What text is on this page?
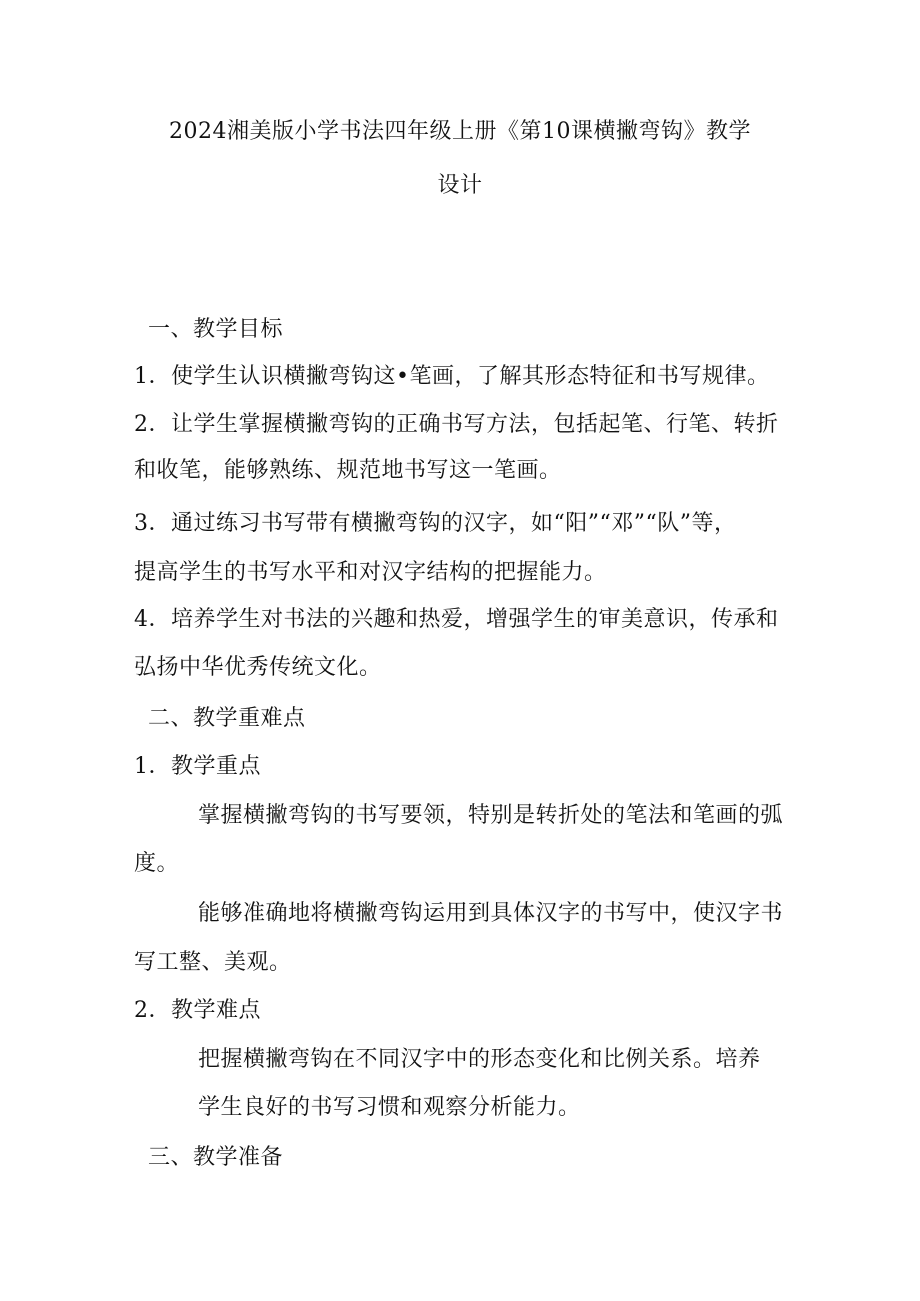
2024湘美版小学书法四年级上册《第10课横撇弯钩》教学
设计
一、教学目标
1．使学生认识横撇弯钩这•笔画，了解其形态特征和书写规律。
2．让学生掌握横撇弯钩的正确书写方法，包括起笔、行笔、转折
和收笔，能够熟练、规范地书写这一笔画。
3．通过练习书写带有横撇弯钩的汉字，如“阳”“邓”“队”等，
提高学生的书写水平和对汉字结构的把握能力。
4．培养学生对书法的兴趣和热爱，增强学生的审美意识，传承和
弘扬中华优秀传统文化。
二、教学重难点
1．教学重点
掌握横撇弯钩的书写要领，特别是转折处的笔法和笔画的弧
度。
能够准确地将横撇弯钩运用到具体汉字的书写中，使汉字书
写工整、美观。
2．教学难点
把握横撇弯钩在不同汉字中的形态变化和比例关系。培养
学生良好的书写习惯和观察分析能力。
三、教学准备
